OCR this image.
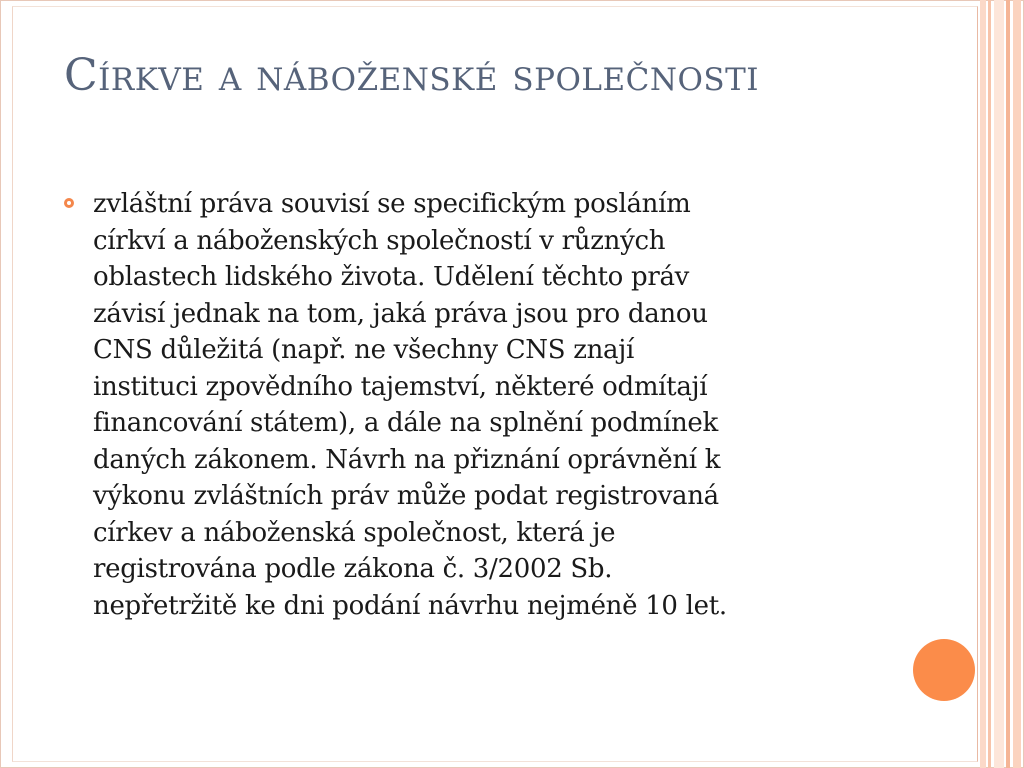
Církve a náboženské společnosti
zvláštní práva souvisí se specifickým posláním
církví a náboženských společností v různých
oblastech lidského života. Udělení těchto práv
závisí jednak na tom, jaká práva jsou pro danou
CNS důležitá (např. ne všechny CNS znají
instituci zpovědního tajemství, některé odmítají
financování státem), a dále na splnění podmínek
daných zákonem. Návrh na přiznání oprávnění k
výkonu zvláštních práv může podat registrovaná
církev a náboženská společnost, která je
registrována podle zákona č. 3/2002 Sb.
nepřetržitě ke dni podání návrhu nejméně 10 let.
